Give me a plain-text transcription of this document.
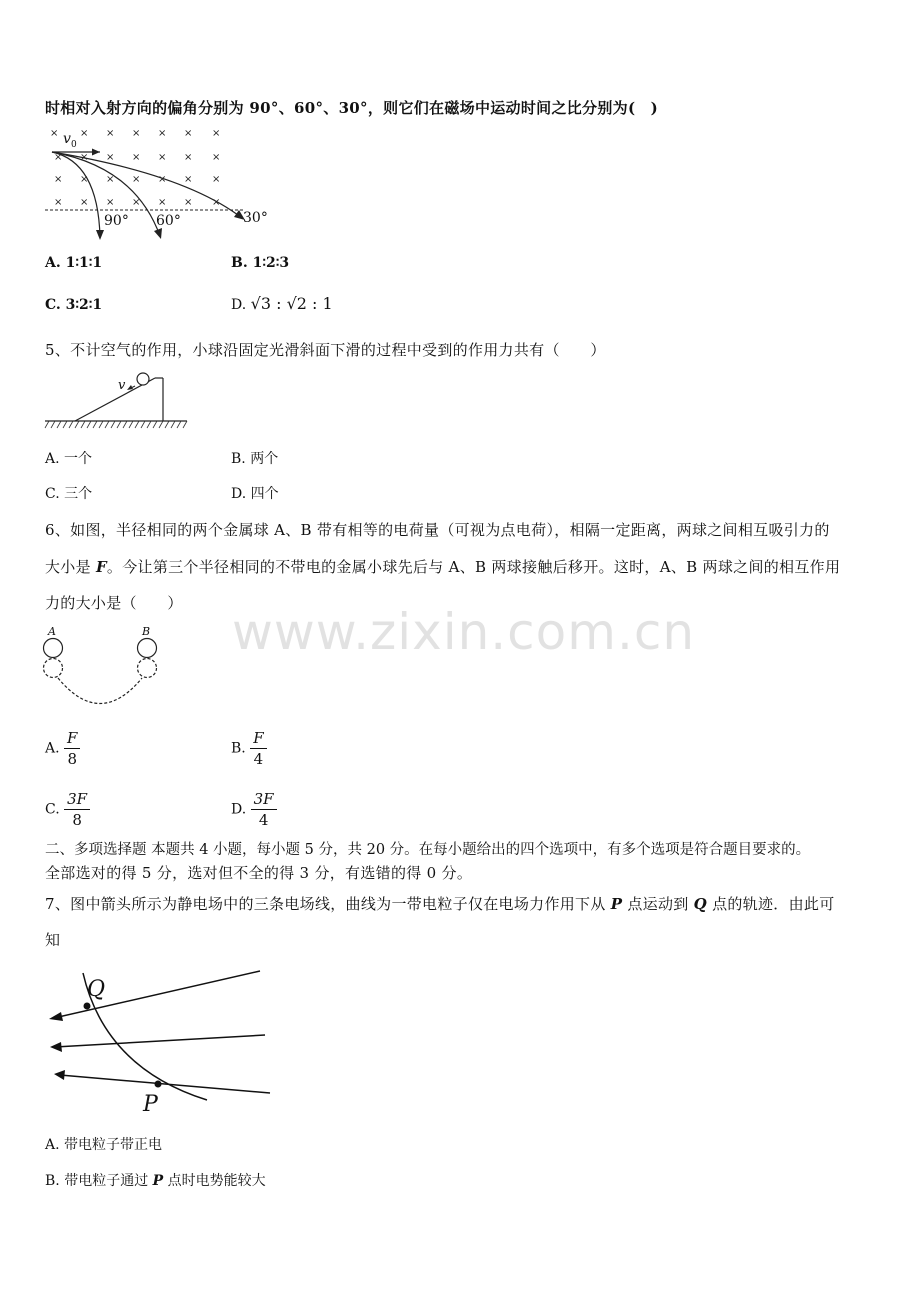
时相对入射方向的偏角分别为 90°、60°、30°，则它们在磁场中运动时间之比分别为(　)
× × × × × × ×
× × × × × × ×
× × × × × × ×
× × × × × × ×
v 0
90° 60°	30°
A. 1∶1∶1	B. 1∶2∶3
C. 3∶2∶1	D. √3 : √2 : 1
5、不计空气的作用，小球沿固定光滑斜面下滑的过程中受到的作用力共有（　　）
v
A. 一个	B. 两个
C. 三个	D. 四个
6、如图，半径相同的两个金属球 A、B 带有相等的电荷量（可视为点电荷），相隔一定距离，两球之间相互吸引力的
大小是 F。今让第三个半径相同的不带电的金属小球先后与 A、B 两球接触后移开。这时，A、B 两球之间的相互作用
力的大小是（　　）
A	B
A. $\frac{F}{8}$	B. $\frac{F}{4}$
C. $\frac{3F}{8}$	D. $\frac{3F}{4}$
二、多项选择题 本题共 4 小题，每小题 5 分，共 20 分。在每小题给出的四个选项中，有多个选项是符合题目要求的。
全部选对的得 5 分，选对但不全的得 3 分，有选错的得 0 分。
7、图中箭头所示为静电场中的三条电场线，曲线为一带电粒子仅在电场力作用下从 P 点运动到 Q 点的轨迹．由此可
知
Q
P
A. 带电粒子带正电
B. 带电粒子通过 P 点时电势能较大
www.zixin.com.cn
